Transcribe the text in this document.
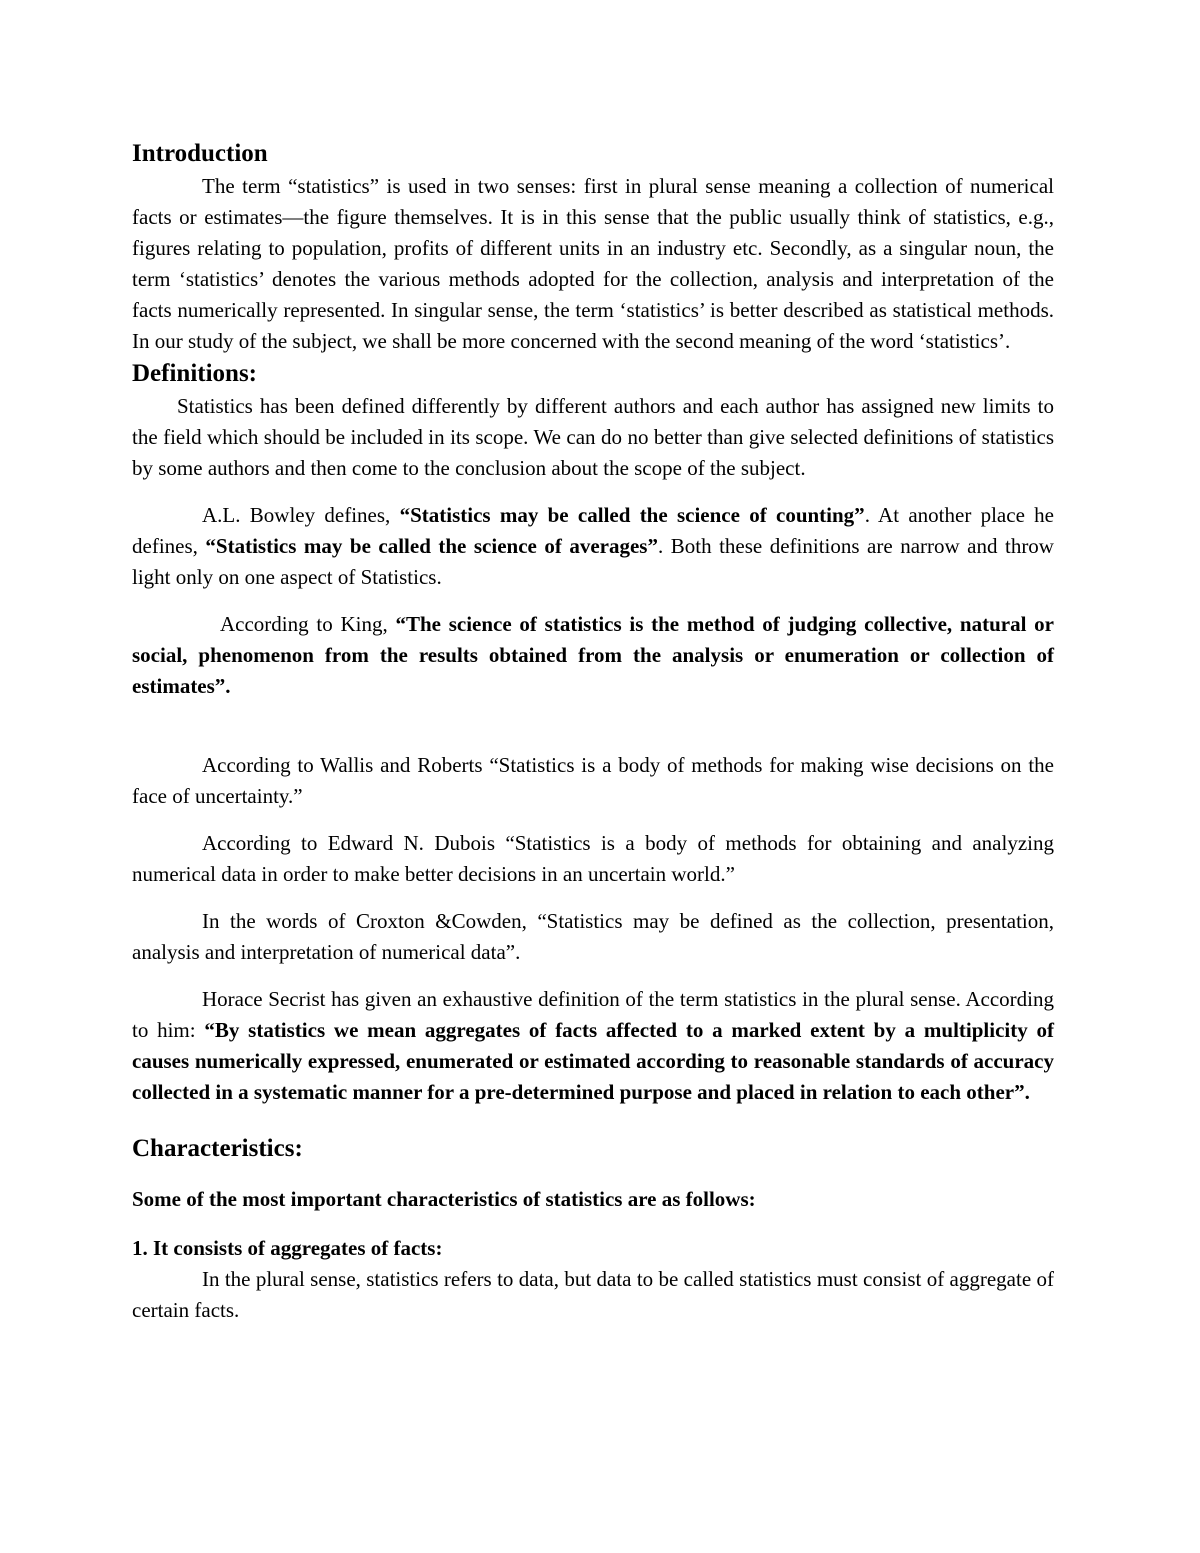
Introduction

The term “statistics” is used in two senses: first in plural sense meaning a collection of numerical facts or estimates—the figure themselves. It is in this sense that the public usually think of statistics, e.g., figures relating to population, profits of different units in an industry etc. Secondly, as a singular noun, the term ‘statistics’ denotes the various methods adopted for the collection, analysis and interpretation of the facts numerically represented. In singular sense, the term ‘statistics’ is better described as statistical methods. In our study of the subject, we shall be more concerned with the second meaning of the word ‘statistics’.

Definitions:

Statistics has been defined differently by different authors and each author has assigned new limits to the field which should be included in its scope. We can do no better than give selected definitions of statistics by some authors and then come to the conclusion about the scope of the subject.

A.L. Bowley defines, “Statistics may be called the science of counting”. At another place he defines, “Statistics may be called the science of averages”. Both these definitions are narrow and throw light only on one aspect of Statistics.

According to King, “The science of statistics is the method of judging collective, natural or social, phenomenon from the results obtained from the analysis or enumeration or collection of estimates”.

According to Wallis and Roberts “Statistics is a body of methods for making wise decisions on the face of uncertainty.”

According to Edward N. Dubois “Statistics is a body of methods for obtaining and analyzing numerical data in order to make better decisions in an uncertain world.”

In the words of Croxton &Cowden, “Statistics may be defined as the collection, presentation, analysis and interpretation of numerical data”.

Horace Secrist has given an exhaustive definition of the term statistics in the plural sense. According to him: “By statistics we mean aggregates of facts affected to a marked extent by a multiplicity of causes numerically expressed, enumerated or estimated according to reasonable standards of accuracy collected in a systematic manner for a pre-determined purpose and placed in relation to each other”.

Characteristics:

Some of the most important characteristics of statistics are as follows:

1. It consists of aggregates of facts:

In the plural sense, statistics refers to data, but data to be called statistics must consist of aggregate of certain facts.
